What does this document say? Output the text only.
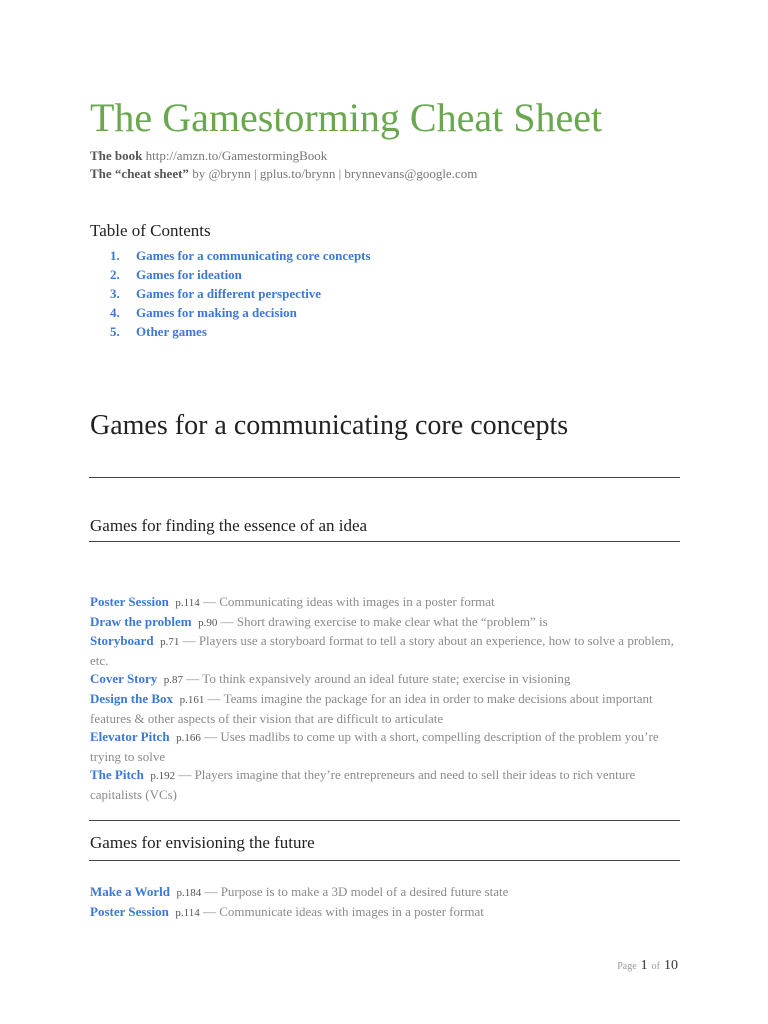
The Gamestorming Cheat Sheet
The book http://amzn.to/GamestormingBook
The “cheat sheet” by @brynn | gplus.to/brynn | brynnevans@google.com
Table of Contents
1. Games for a communicating core concepts
2. Games for ideation
3. Games for a different perspective
4. Games for making a decision
5. Other games
Games for a communicating core concepts
Games for finding the essence of an idea

Poster Session p.114 — Communicating ideas with images in a poster format

Draw the problem p.90 — Short drawing exercise to make clear what the “problem” is

Storyboard p.71 — Players use a storyboard format to tell a story about an experience, how to solve a problem, etc.

Cover Story p.87 — To think expansively around an ideal future state; exercise in visioning

Design the Box p.161 — Teams imagine the package for an idea in order to make decisions about important features & other aspects of their vision that are difficult to articulate

Elevator Pitch p.166 — Uses madlibs to come up with a short, compelling description of the problem you’re trying to solve

The Pitch p.192 — Players imagine that they’re entrepreneurs and need to sell their ideas to rich venture capitalists (VCs)

Games for envisioning the future

Make a World p.184 — Purpose is to make a 3D model of a desired future state

Poster Session p.114 — Communicate ideas with images in a poster format

Page 1 of 10
